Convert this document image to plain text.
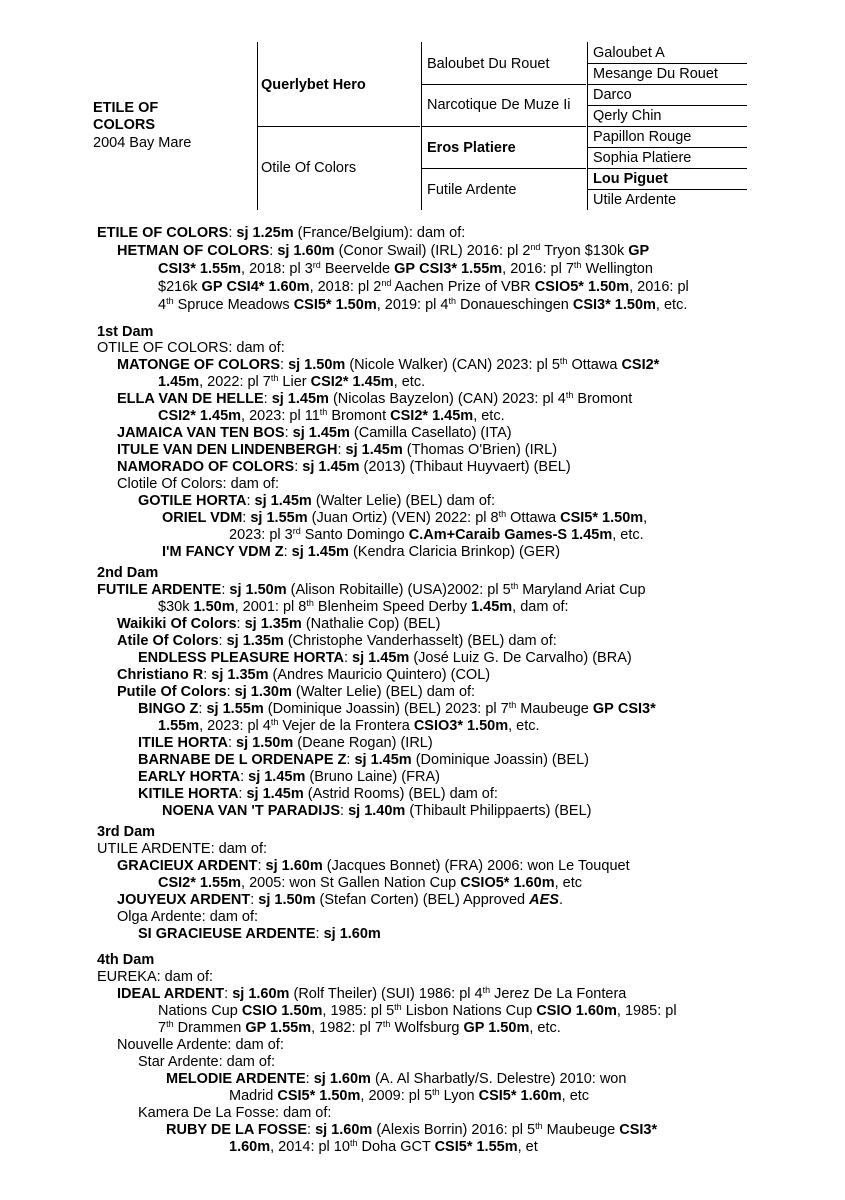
ETILE OF
COLORS
2004 Bay Mare
Querlybet Hero
Otile Of Colors
Baloubet Du Rouet
Narcotique De Muze Ii
Eros Platiere
Futile Ardente
Galoubet A
Mesange Du Rouet
Darco
Qerly Chin
Papillon Rouge
Sophia Platiere
Lou Piguet
Utile Ardente
ETILE OF COLORS: sj 1.25m (France/Belgium): dam of:
HETMAN OF COLORS: sj 1.60m (Conor Swail) (IRL) 2016: pl 2nd Tryon $130k GP
CSI3* 1.55m, 2018: pl 3rd Beervelde GP CSI3* 1.55m, 2016: pl 7th Wellington
$216k GP CSI4* 1.60m, 2018: pl 2nd Aachen Prize of VBR CSIO5* 1.50m, 2016: pl
4th Spruce Meadows CSI5* 1.50m, 2019: pl 4th Donaueschingen CSI3* 1.50m, etc.
1st Dam
OTILE OF COLORS: dam of:
MATONGE OF COLORS: sj 1.50m (Nicole Walker) (CAN) 2023: pl 5th Ottawa CSI2*
1.45m, 2022: pl 7th Lier CSI2* 1.45m, etc.
ELLA VAN DE HELLE: sj 1.45m (Nicolas Bayzelon) (CAN) 2023: pl 4th Bromont
CSI2* 1.45m, 2023: pl 11th Bromont CSI2* 1.45m, etc.
JAMAICA VAN TEN BOS: sj 1.45m (Camilla Casellato) (ITA)
ITULE VAN DEN LINDENBERGH: sj 1.45m (Thomas O'Brien) (IRL)
NAMORADO OF COLORS: sj 1.45m (2013) (Thibaut Huyvaert) (BEL)
Clotile Of Colors: dam of:
GOTILE HORTA: sj 1.45m (Walter Lelie) (BEL) dam of:
ORIEL VDM: sj 1.55m (Juan Ortiz) (VEN) 2022: pl 8th Ottawa CSI5* 1.50m,
2023: pl 3rd Santo Domingo C.Am+Caraib Games-S 1.45m, etc.
I'M FANCY VDM Z: sj 1.45m (Kendra Claricia Brinkop) (GER)
2nd Dam
FUTILE ARDENTE: sj 1.50m (Alison Robitaille) (USA)2002: pl 5th Maryland Ariat Cup
$30k 1.50m, 2001: pl 8th Blenheim Speed Derby 1.45m, dam of:
Waikiki Of Colors: sj 1.35m (Nathalie Cop) (BEL)
Atile Of Colors: sj 1.35m (Christophe Vanderhasselt) (BEL) dam of:
ENDLESS PLEASURE HORTA: sj 1.45m (José Luiz G. De Carvalho) (BRA)
Christiano R: sj 1.35m (Andres Mauricio Quintero) (COL)
Putile Of Colors: sj 1.30m (Walter Lelie) (BEL) dam of:
BINGO Z: sj 1.55m (Dominique Joassin) (BEL) 2023: pl 7th Maubeuge GP CSI3*
1.55m, 2023: pl 4th Vejer de la Frontera CSIO3* 1.50m, etc.
ITILE HORTA: sj 1.50m (Deane Rogan) (IRL)
BARNABE DE L ORDENAPE Z: sj 1.45m (Dominique Joassin) (BEL)
EARLY HORTA: sj 1.45m (Bruno Laine) (FRA)
KITILE HORTA: sj 1.45m (Astrid Rooms) (BEL) dam of:
NOENA VAN 'T PARADIJS: sj 1.40m (Thibault Philippaerts) (BEL)
3rd Dam
UTILE ARDENTE: dam of:
GRACIEUX ARDENT: sj 1.60m (Jacques Bonnet) (FRA) 2006: won Le Touquet
CSI2* 1.55m, 2005: won St Gallen Nation Cup CSIO5* 1.60m, etc
JOUYEUX ARDENT: sj 1.50m (Stefan Corten) (BEL) Approved AES.
Olga Ardente: dam of:
SI GRACIEUSE ARDENTE: sj 1.60m
4th Dam
EUREKA: dam of:
IDEAL ARDENT: sj 1.60m (Rolf Theiler) (SUI) 1986: pl 4th Jerez De La Fontera
Nations Cup CSIO 1.50m, 1985: pl 5th Lisbon Nations Cup CSIO 1.60m, 1985: pl
7th Drammen GP 1.55m, 1982: pl 7th Wolfsburg GP 1.50m, etc.
Nouvelle Ardente: dam of:
Star Ardente: dam of:
MELODIE ARDENTE: sj 1.60m (A. Al Sharbatly/S. Delestre) 2010: won
Madrid CSI5* 1.50m, 2009: pl 5th Lyon CSI5* 1.60m, etc
Kamera De La Fosse: dam of:
RUBY DE LA FOSSE: sj 1.60m (Alexis Borrin) 2016: pl 5th Maubeuge CSI3*
1.60m, 2014: pl 10th Doha GCT CSI5* 1.55m, et
